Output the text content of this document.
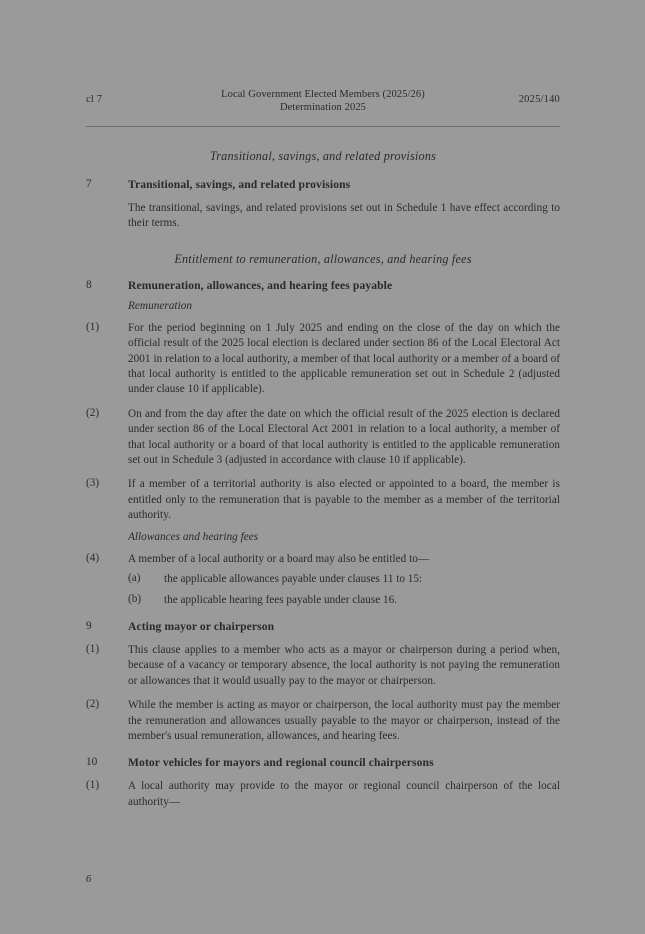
cl 7	Local Government Elected Members (2025/26)
Determination 2025
2025/140
Transitional, savings, and related provisions
7	Transitional, savings, and related provisions
The transitional, savings, and related provisions set out in Schedule 1 have effect according to their terms.
Entitlement to remuneration, allowances, and hearing fees
8	Remuneration, allowances, and hearing fees payable
Remuneration
(1)	For the period beginning on 1 July 2025 and ending on the close of the day on which the official result of the 2025 local election is declared under section 86 of the Local Electoral Act 2001 in relation to a local authority, a member of that local authority or a member of a board of that local authority is entitled to the applicable remuneration set out in Schedule 2 (adjusted under clause 10 if applicable).
(2)	On and from the day after the date on which the official result of the 2025 election is declared under section 86 of the Local Electoral Act 2001 in relation to a local authority, a member of that local authority or a board of that local authority is entitled to the applicable remuneration set out in Schedule 3 (adjusted in accordance with clause 10 if applicable).
(3)	If a member of a territorial authority is also elected or appointed to a board, the member is entitled only to the remuneration that is payable to the member as a member of the territorial authority.
Allowances and hearing fees
(4)	A member of a local authority or a board may also be entitled to—
(a)	the applicable allowances payable under clauses 11 to 15:
(b)	the applicable hearing fees payable under clause 16.
9	Acting mayor or chairperson
(1)	This clause applies to a member who acts as a mayor or chairperson during a period when, because of a vacancy or temporary absence, the local authority is not paying the remuneration or allowances that it would usually pay to the mayor or chairperson.
(2)	While the member is acting as mayor or chairperson, the local authority must pay the member the remuneration and allowances usually payable to the mayor or chairperson, instead of the member's usual remuneration, allowances, and hearing fees.
10	Motor vehicles for mayors and regional council chairpersons
(1)	A local authority may provide to the mayor or regional council chairperson of the local authority—
6
